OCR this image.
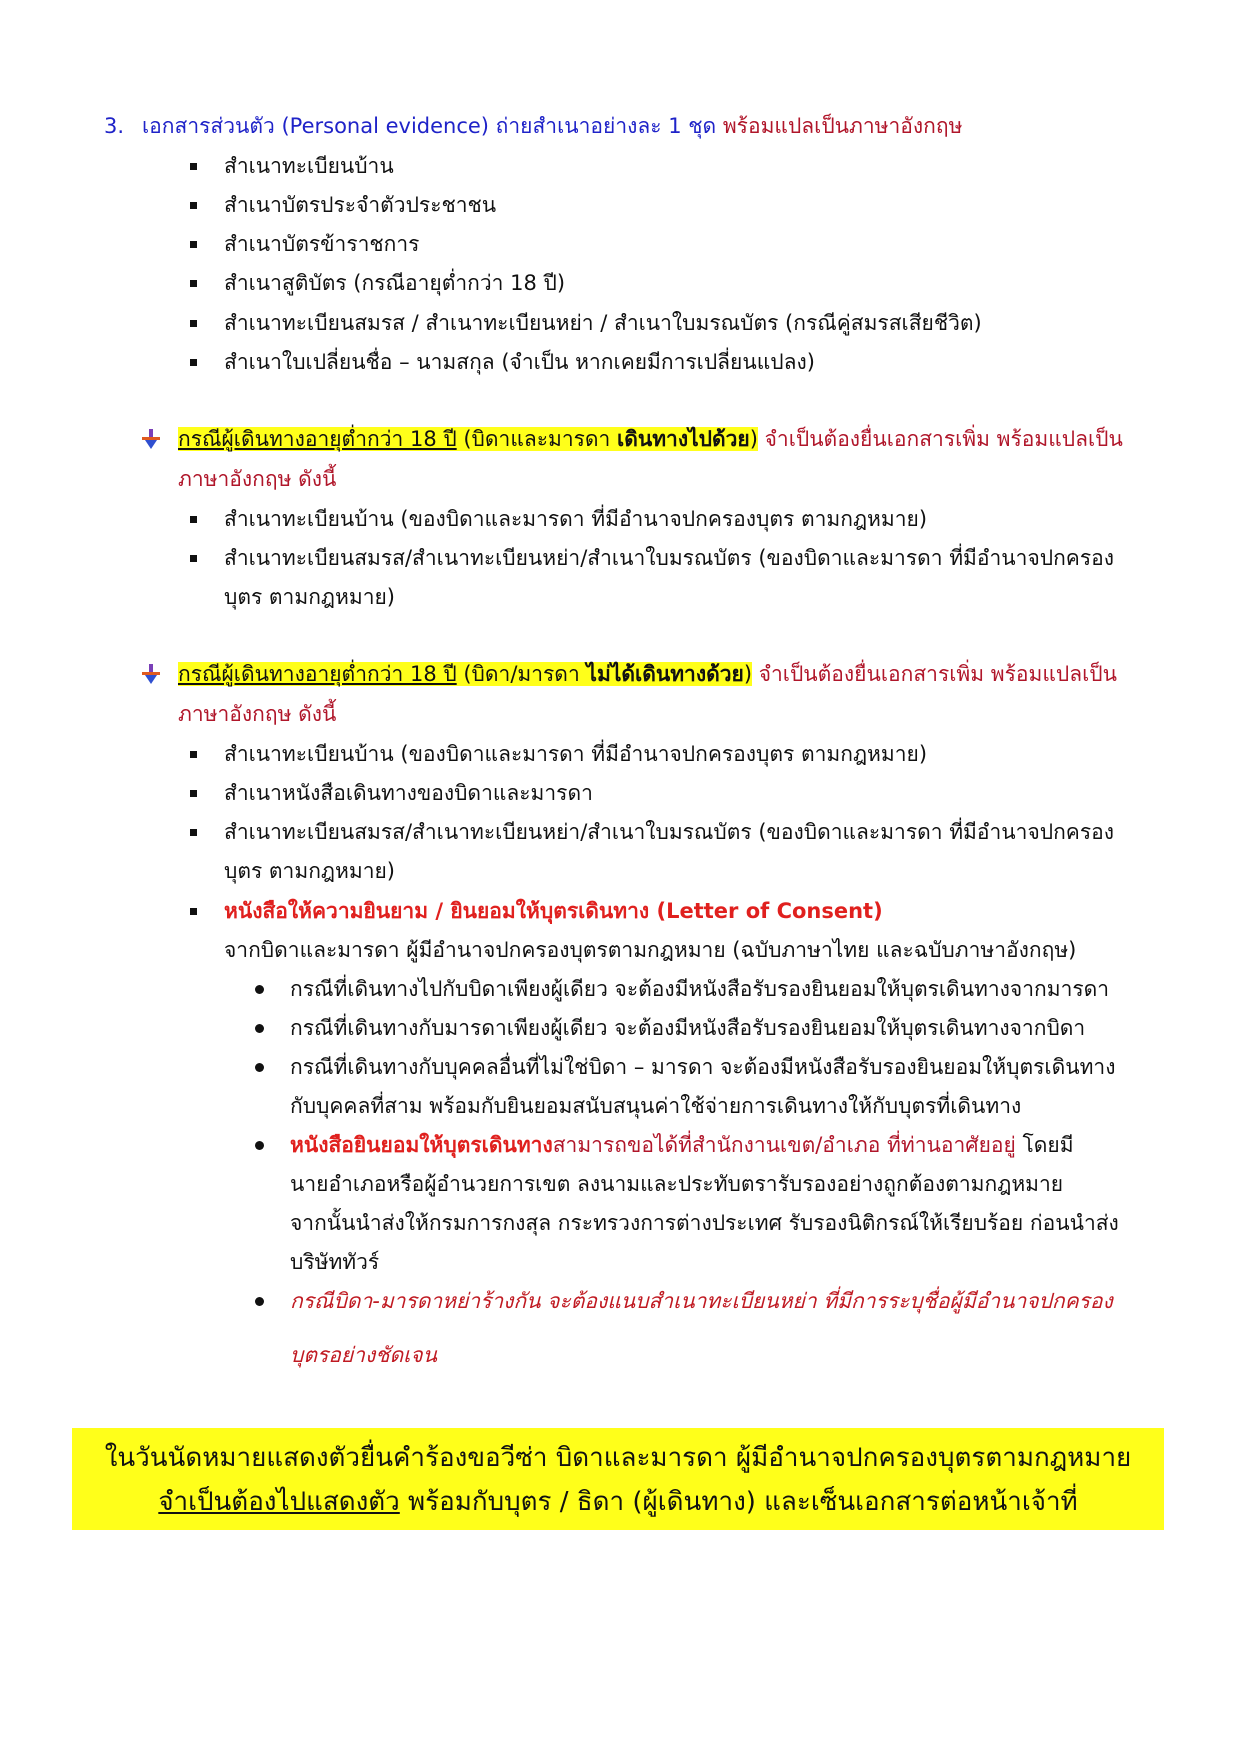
3. เอกสารส่วนตัว (Personal evidence) ถ่ายสำเนาอย่างละ 1 ชุด พร้อมแปลเป็นภาษาอังกฤษ
สำเนาทะเบียนบ้าน
สำเนาบัตรประจำตัวประชาชน
สำเนาบัตรข้าราชการ
สำเนาสูติบัตร (กรณีอายุต่ำกว่า 18 ปี)
สำเนาทะเบียนสมรส / สำเนาทะเบียนหย่า / สำเนาใบมรณบัตร (กรณีคู่สมรสเสียชีวิต)
สำเนาใบเปลี่ยนชื่อ – นามสกุล (จำเป็น หากเคยมีการเปลี่ยนแปลง)
กรณีผู้เดินทางอายุต่ำกว่า 18 ปี (บิดาและมารดา เดินทางไปด้วย) จำเป็นต้องยื่นเอกสารเพิ่ม พร้อมแปลเป็น
ภาษาอังกฤษ ดังนี้
สำเนาทะเบียนบ้าน (ของบิดาและมารดา ที่มีอำนาจปกครองบุตร ตามกฎหมาย)
สำเนาทะเบียนสมรส/สำเนาทะเบียนหย่า/สำเนาใบมรณบัตร (ของบิดาและมารดา ที่มีอำนาจปกครอง
บุตร ตามกฎหมาย)
กรณีผู้เดินทางอายุต่ำกว่า 18 ปี (บิดา/มารดา ไม่ได้เดินทางด้วย) จำเป็นต้องยื่นเอกสารเพิ่ม พร้อมแปลเป็น
ภาษาอังกฤษ ดังนี้
สำเนาทะเบียนบ้าน (ของบิดาและมารดา ที่มีอำนาจปกครองบุตร ตามกฎหมาย)
สำเนาหนังสือเดินทางของบิดาและมารดา
สำเนาทะเบียนสมรส/สำเนาทะเบียนหย่า/สำเนาใบมรณบัตร (ของบิดาและมารดา ที่มีอำนาจปกครอง
บุตร ตามกฎหมาย)
หนังสือให้ความยินยาม / ยินยอมให้บุตรเดินทาง (Letter of Consent)
จากบิดาและมารดา ผู้มีอำนาจปกครองบุตรตามกฎหมาย (ฉบับภาษาไทย และฉบับภาษาอังกฤษ)
กรณีที่เดินทางไปกับบิดาเพียงผู้เดียว จะต้องมีหนังสือรับรองยินยอมให้บุตรเดินทางจากมารดา
กรณีที่เดินทางกับมารดาเพียงผู้เดียว จะต้องมีหนังสือรับรองยินยอมให้บุตรเดินทางจากบิดา
กรณีที่เดินทางกับบุคคลอื่นที่ไม่ใช่บิดา – มารดา จะต้องมีหนังสือรับรองยินยอมให้บุตรเดินทาง
กับบุคคลที่สาม พร้อมกับยินยอมสนับสนุนค่าใช้จ่ายการเดินทางให้กับบุตรที่เดินทาง
หนังสือยินยอมให้บุตรเดินทางสามารถขอได้ที่สำนักงานเขต/อำเภอ ที่ท่านอาศัยอยู่ โดยมี
นายอำเภอหรือผู้อำนวยการเขต ลงนามและประทับตรารับรองอย่างถูกต้องตามกฎหมาย
จากนั้นนำส่งให้กรมการกงสุล กระทรวงการต่างประเทศ รับรองนิติกรณ์ให้เรียบร้อย ก่อนนำส่ง
บริษัททัวร์
กรณีบิดา-มารดาหย่าร้างกัน จะต้องแนบสำเนาทะเบียนหย่า ที่มีการระบุชื่อผู้มีอำนาจปกครอง
บุตรอย่างชัดเจน
ในวันนัดหมายแสดงตัวยื่นคำร้องขอวีซ่า บิดาและมารดา ผู้มีอำนาจปกครองบุตรตามกฎหมาย
จำเป็นต้องไปแสดงตัว พร้อมกับบุตร / ธิดา (ผู้เดินทาง) และเซ็นเอกสารต่อหน้าเจ้าที่
